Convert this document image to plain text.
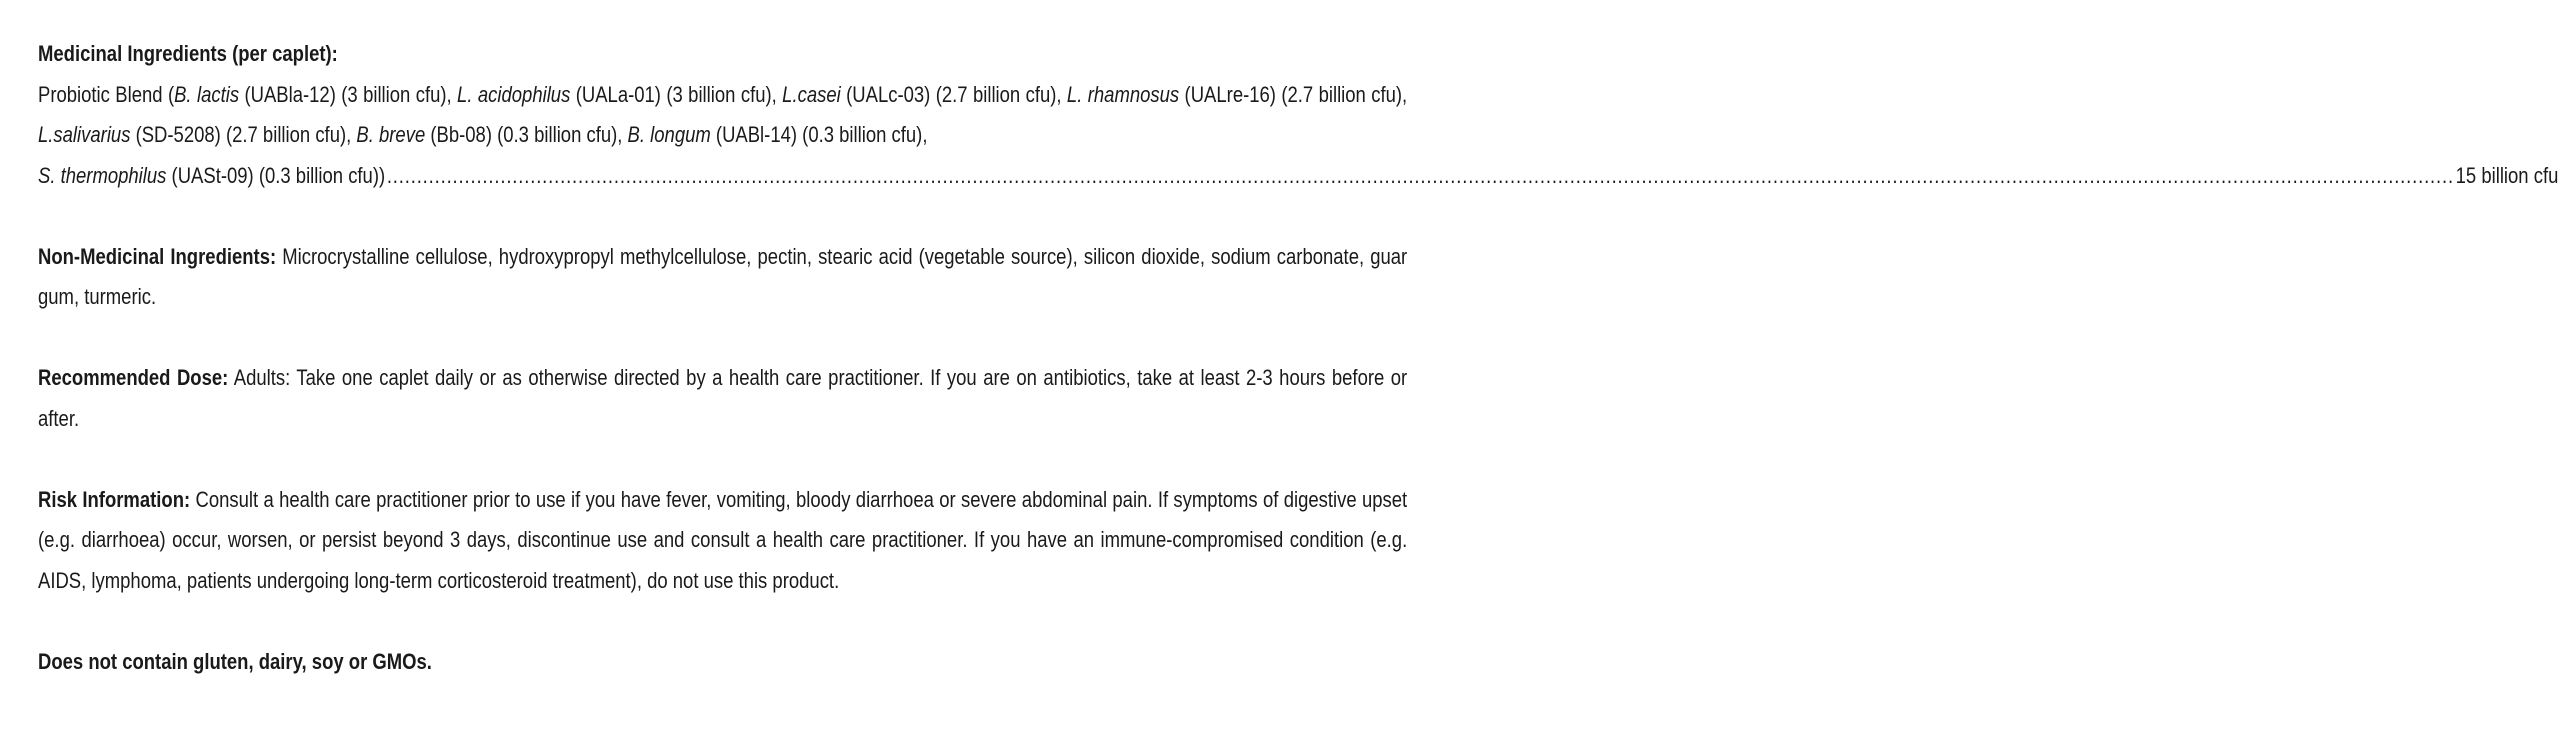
Medicinal Ingredients (per caplet):
Probiotic Blend (B. lactis (UABla-12) (3 billion cfu), L. acidophilus (UALa-01) (3 billion cfu), L.casei (UALc-03) (2.7 billion cfu), L. rhamnosus (UALre-16) (2.7 billion cfu), L.salivarius (SD-5208) (2.7 billion cfu), B. breve (Bb-08) (0.3 billion cfu), B. longum (UABl-14) (0.3 billion cfu),
S. thermophilus (UASt-09) (0.3 billion cfu)) .......................................................................................................................................................................................................................................................................................................................................................... 15 billion cfu
Non-Medicinal Ingredients: Microcrystalline cellulose, hydroxypropyl methylcellulose, pectin, stearic acid (vegetable source), silicon dioxide, sodium carbonate, guar gum, turmeric.
Recommended Dose: Adults: Take one caplet daily or as otherwise directed by a health care practitioner. If you are on antibiotics, take at least 2-3 hours before or after.
Risk Information: Consult a health care practitioner prior to use if you have fever, vomiting, bloody diarrhoea or severe abdominal pain. If symptoms of digestive upset (e.g. diarrhoea) occur, worsen, or persist beyond 3 days, discontinue use and consult a health care practitioner. If you have an immune-compromised condition (e.g. AIDS, lymphoma, patients undergoing long-term corticosteroid treatment), do not use this product.
Does not contain gluten, dairy, soy or GMOs.
